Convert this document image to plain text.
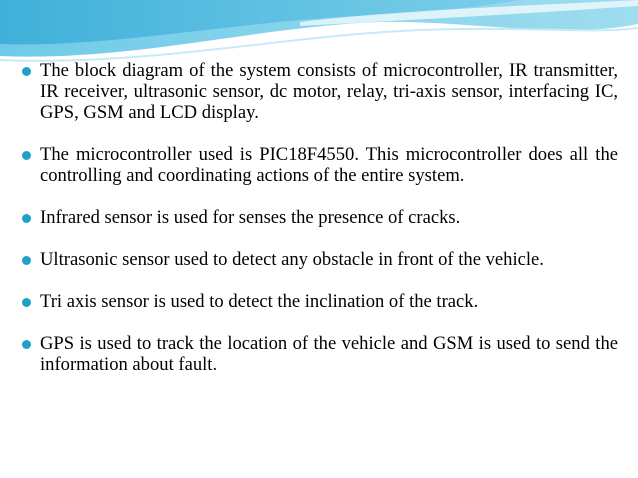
The block diagram of the system consists of microcontroller, IR transmitter, IR receiver, ultrasonic sensor, dc motor, relay, tri-axis sensor, interfacing IC, GPS, GSM and LCD display.
The microcontroller used is PIC18F4550. This microcontroller does all the controlling and coordinating actions of the entire system.
Infrared sensor is used for senses the presence of cracks.
Ultrasonic sensor used to detect any obstacle in front of the vehicle.
Tri axis sensor is used to detect the inclination of the track.
GPS is used to track the location of the vehicle and GSM is used to send the information about fault.
